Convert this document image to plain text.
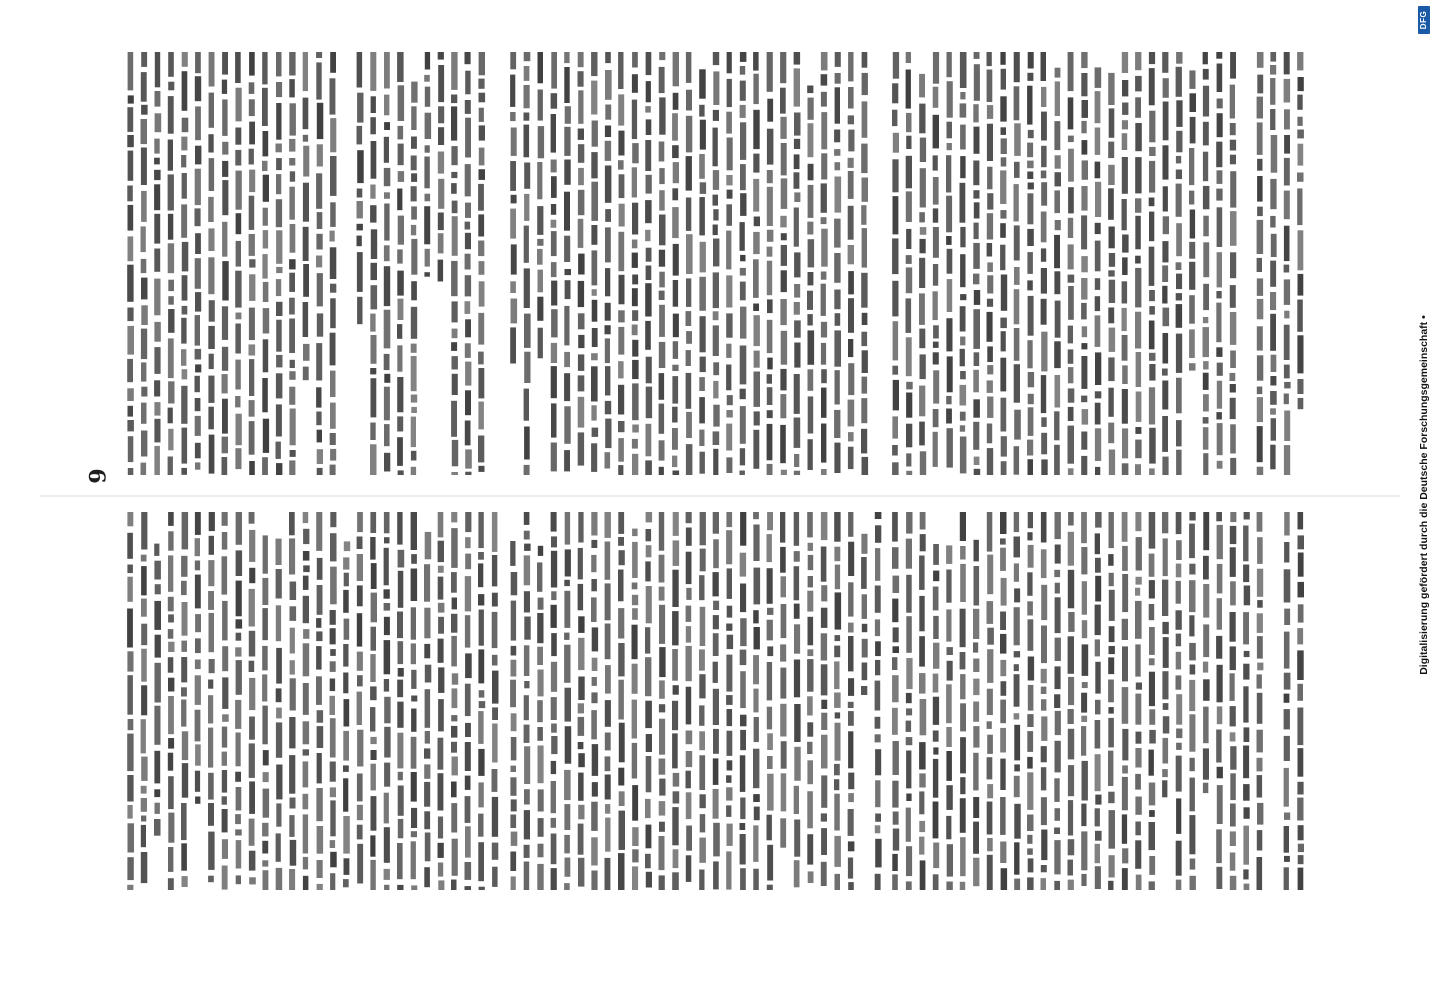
6	Digitalisierung gefördert durch die Deutsche Forschungsgemeinschaft •
DFG
